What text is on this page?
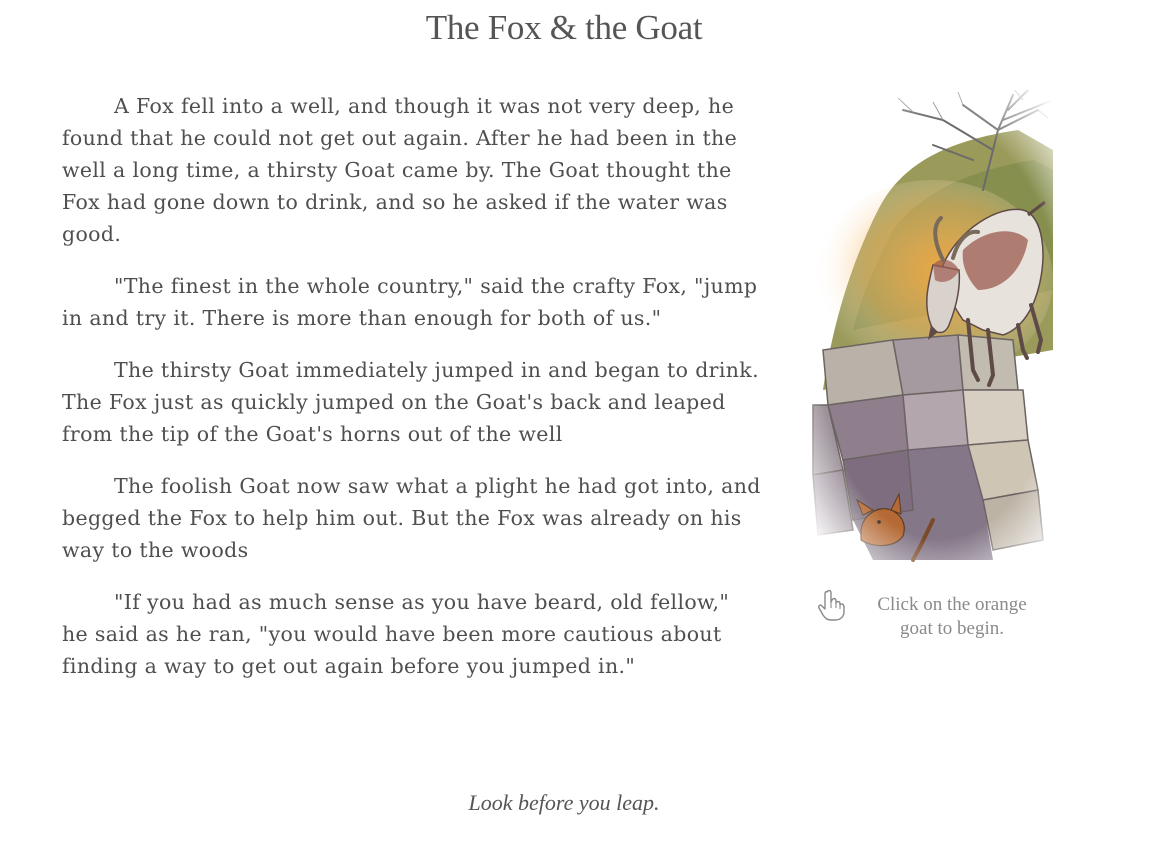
The Fox & the Goat

A Fox fell into a well, and though it was not very deep, he found that he could not get out again. After he had been in the well a long time, a thirsty Goat came by. The Goat thought the Fox had gone down to drink, and so he asked if the water was good.

"The finest in the whole country," said the crafty Fox, "jump in and try it. There is more than enough for both of us."

The thirsty Goat immediately jumped in and began to drink. The Fox just as quickly jumped on the Goat's back and leaped from the tip of the Goat's horns out of the well

The foolish Goat now saw what a plight he had got into, and begged the Fox to help him out. But the Fox was already on his way to the woods

"If you had as much sense as you have beard, old fellow," he said as he ran, "you would have been more cautious about finding a way to get out again before you jumped in."

Click on the orange
goat to begin.
Look before you leap.
